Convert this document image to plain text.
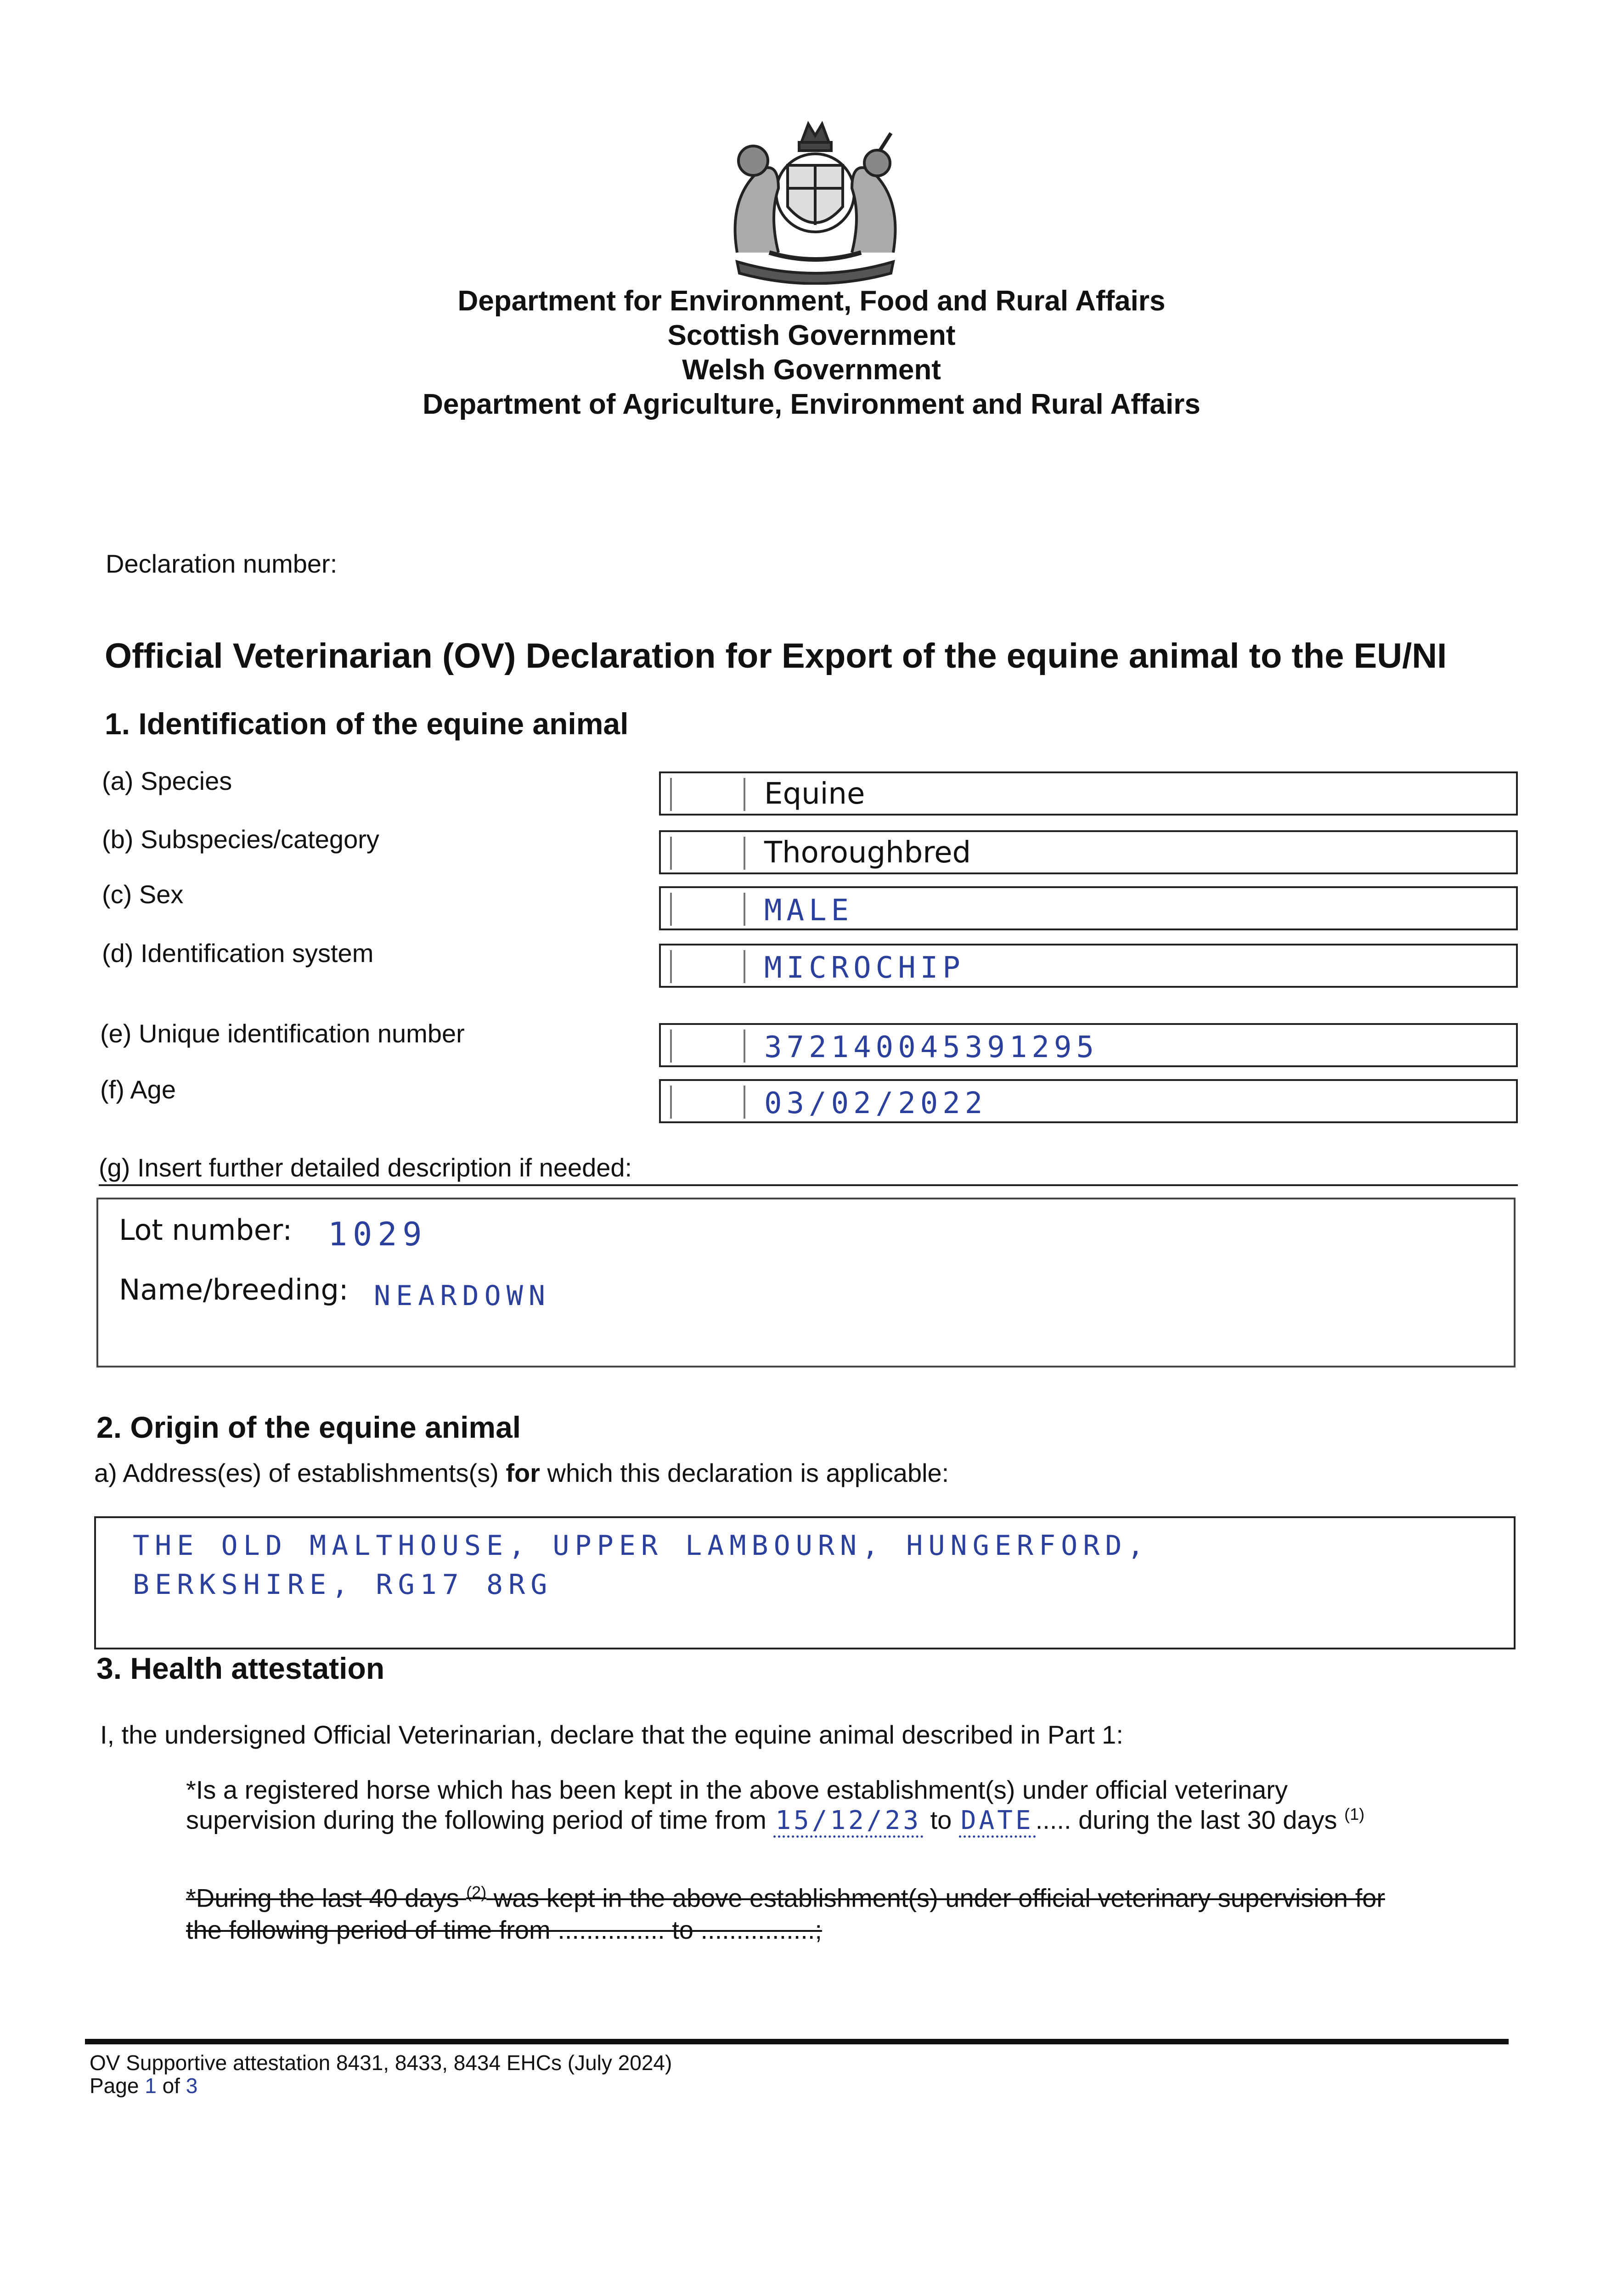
Department for Environment, Food and Rural Affairs
Scottish Government
Welsh Government
Department of Agriculture, Environment and Rural Affairs
Declaration number:
Official Veterinarian (OV) Declaration for Export of the equine animal to the EU/NI
1. Identification of the equine animal
(a) Species	Equine
(b) Subspecies/category	Thoroughbred
(c) Sex	MALE
(d) Identification system	MICROCHIP
(e) Unique identification number	372140045391295
(f) Age	03/02/2022
(g) Insert further detailed description if needed:
Lot number: 1029
Name/breeding: NEARDOWN
2. Origin of the equine animal
a) Address(es) of establishments(s) for which this declaration is applicable:
THE OLD MALTHOUSE, UPPER LAMBOURN, HUNGERFORD,
BERKSHIRE, RG17 8RG
3. Health attestation
I, the undersigned Official Veterinarian, declare that the equine animal described in Part 1:
*Is a registered horse which has been kept in the above establishment(s) under official veterinary
supervision during the following period of time from 15/12/23 to DATE..... during the last 30 days $^{(1)}$
*During the last 40 days $^{(2)}$ was kept in the above establishment(s) under official veterinary supervision for
the following period of time from ............... to ................;
OV Supportive attestation 8431, 8433, 8434 EHCs (July 2024)
Page 1 of 3
